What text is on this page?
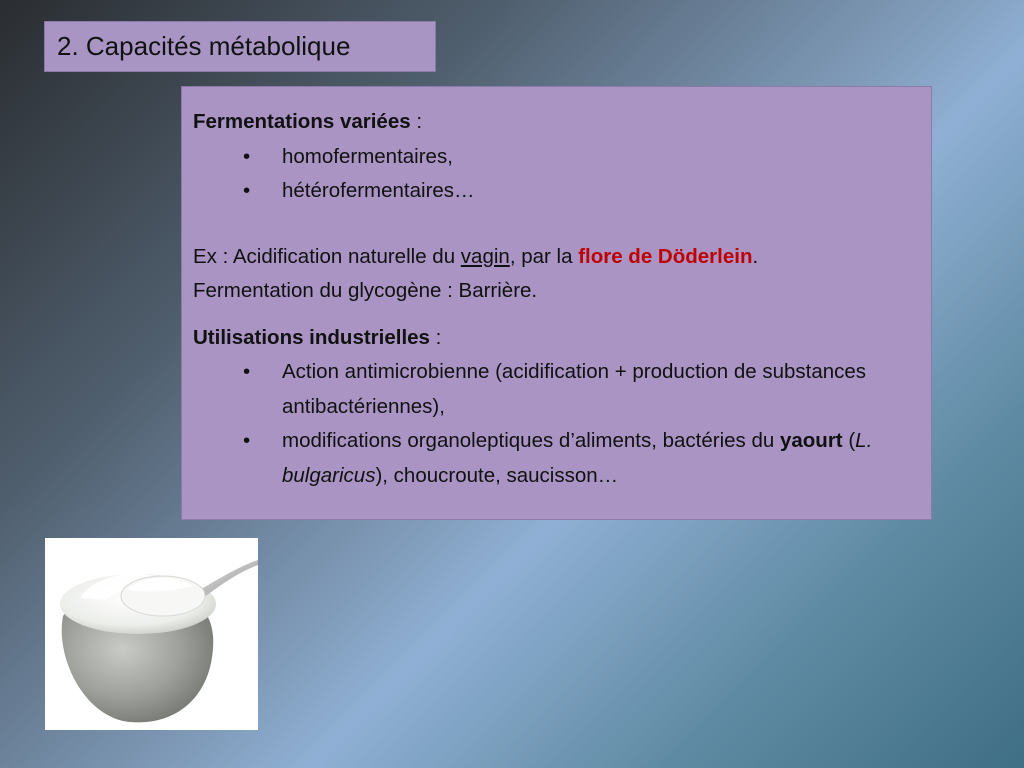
2. Capacités métabolique
Fermentations variées :
• homofermentaires,
• hétérofermentaires…
Ex : Acidification naturelle du vagin, par la flore de Döderlein.
Fermentation du glycogène : Barrière.
Utilisations industrielles :
• Action antimicrobienne (acidification + production de substances antibactériennes),
• modifications organoleptiques d’aliments, bactéries du yaourt (L. bulgaricus), choucroute, saucisson…
